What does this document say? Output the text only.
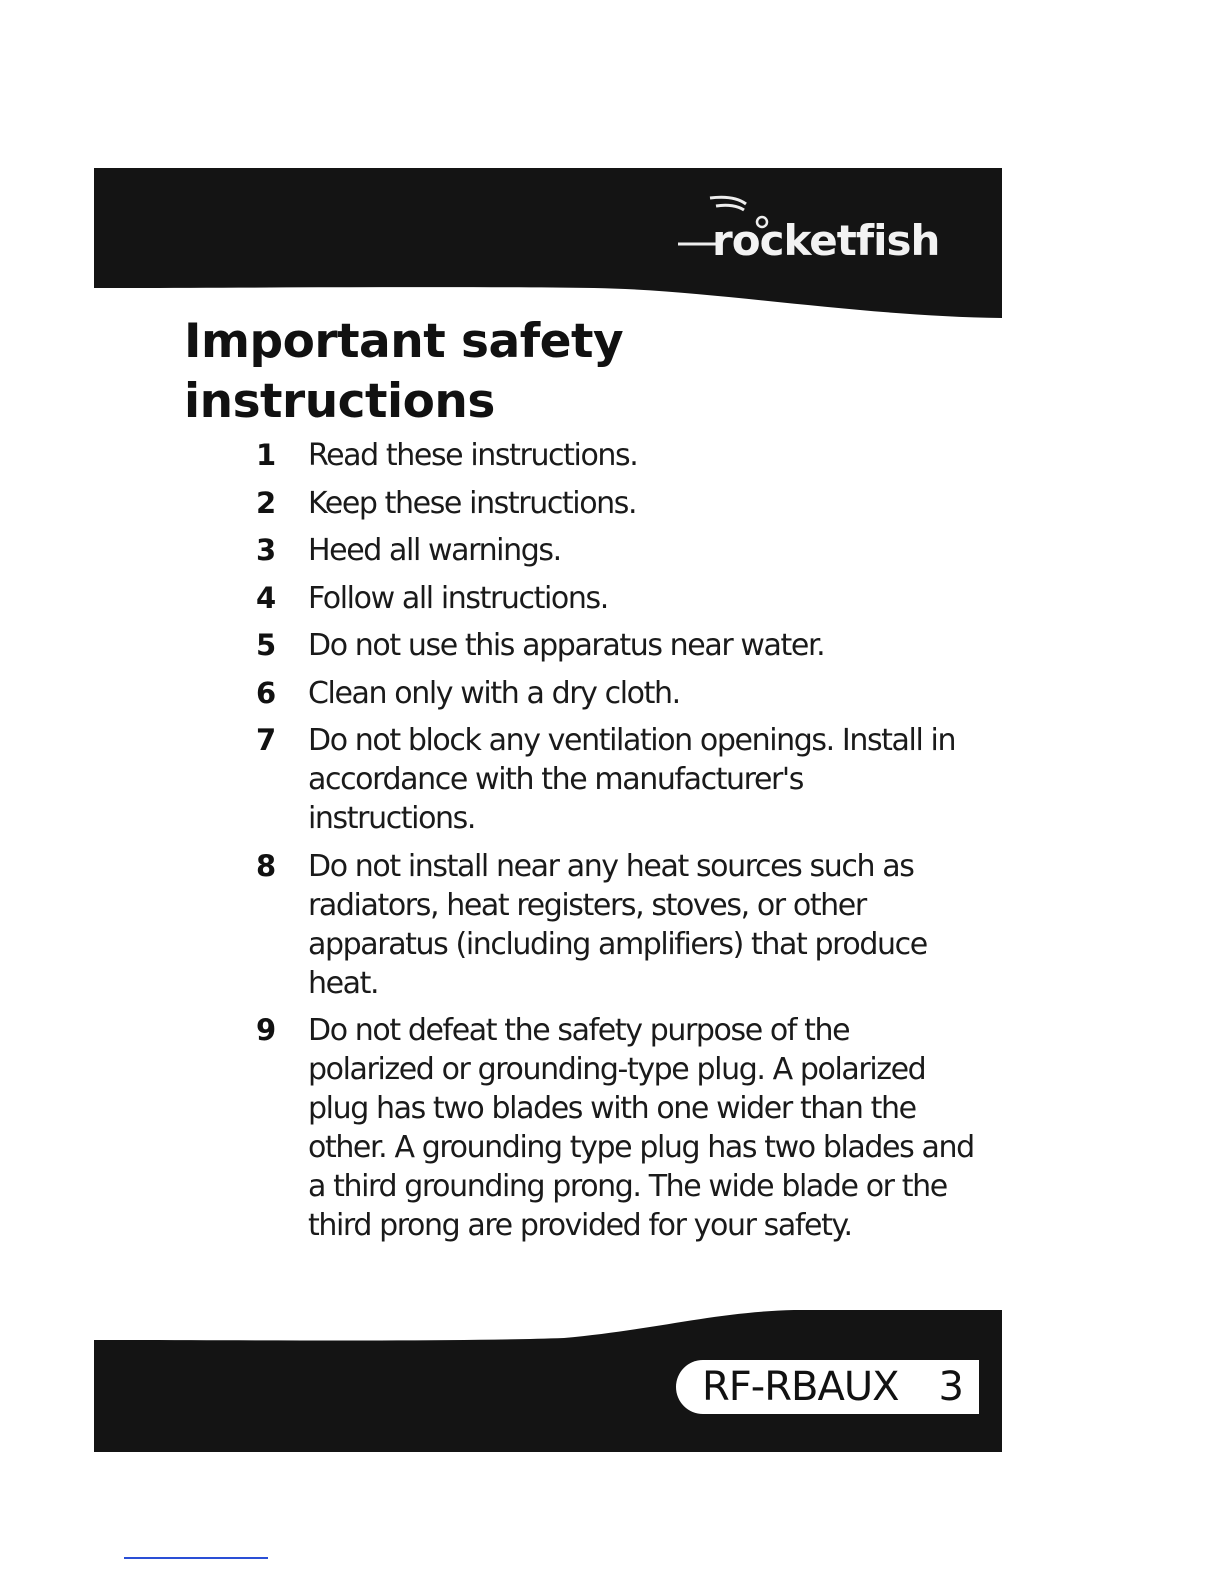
rocketfish
Important safety instructions
1	Read these instructions.
2	Keep these instructions.
3	Heed all warnings.
4	Follow all instructions.
5	Do not use this apparatus near water.
6	Clean only with a dry cloth.
7	Do not block any ventilation openings. Install in accordance with the manufacturer's instructions.
8	Do not install near any heat sources such as radiators, heat registers, stoves, or other apparatus (including amplifiers) that produce heat.
9	Do not defeat the safety purpose of the polarized or grounding-type plug. A polarized plug has two blades with one wider than the other. A grounding type plug has two blades and a third grounding prong. The wide blade or the third prong are provided for your safety.
RF-RBAUX 3
